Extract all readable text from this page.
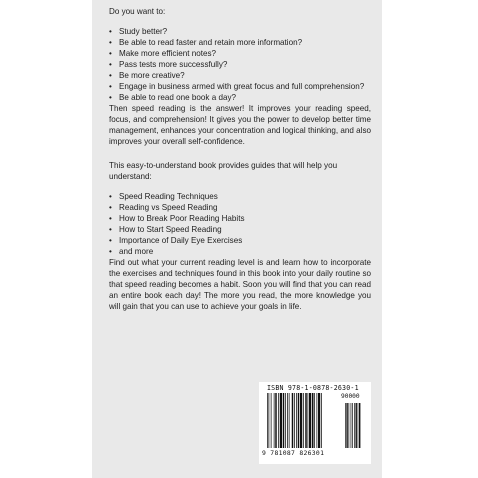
Do you want to:

• Study better?
• Be able to read faster and retain more information?
• Make more efficient notes?
• Pass tests more successfully?
• Be more creative?
• Engage in business armed with great focus and full comprehension?
• Be able to read one book a day?

Then speed reading is the answer! It improves your reading speed, focus, and comprehension! It gives you the power to develop better time management, enhances your concentration and logical thinking, and also improves your overall self-confidence.

This easy-to-understand book provides guides that will help you understand:

• Speed Reading Techniques
• Reading vs Speed Reading
• How to Break Poor Reading Habits
• How to Start Speed Reading
• Importance of Daily Eye Exercises
• and more

Find out what your current reading level is and learn how to incorporate the exercises and techniques found in this book into your daily routine so that speed reading becomes a habit. Soon you will find that you can read an entire book each day! The more you read, the more knowledge you will gain that you can use to achieve your goals in life.

ISBN 978-1-0878-2630-1
90000
9 781087 826301
